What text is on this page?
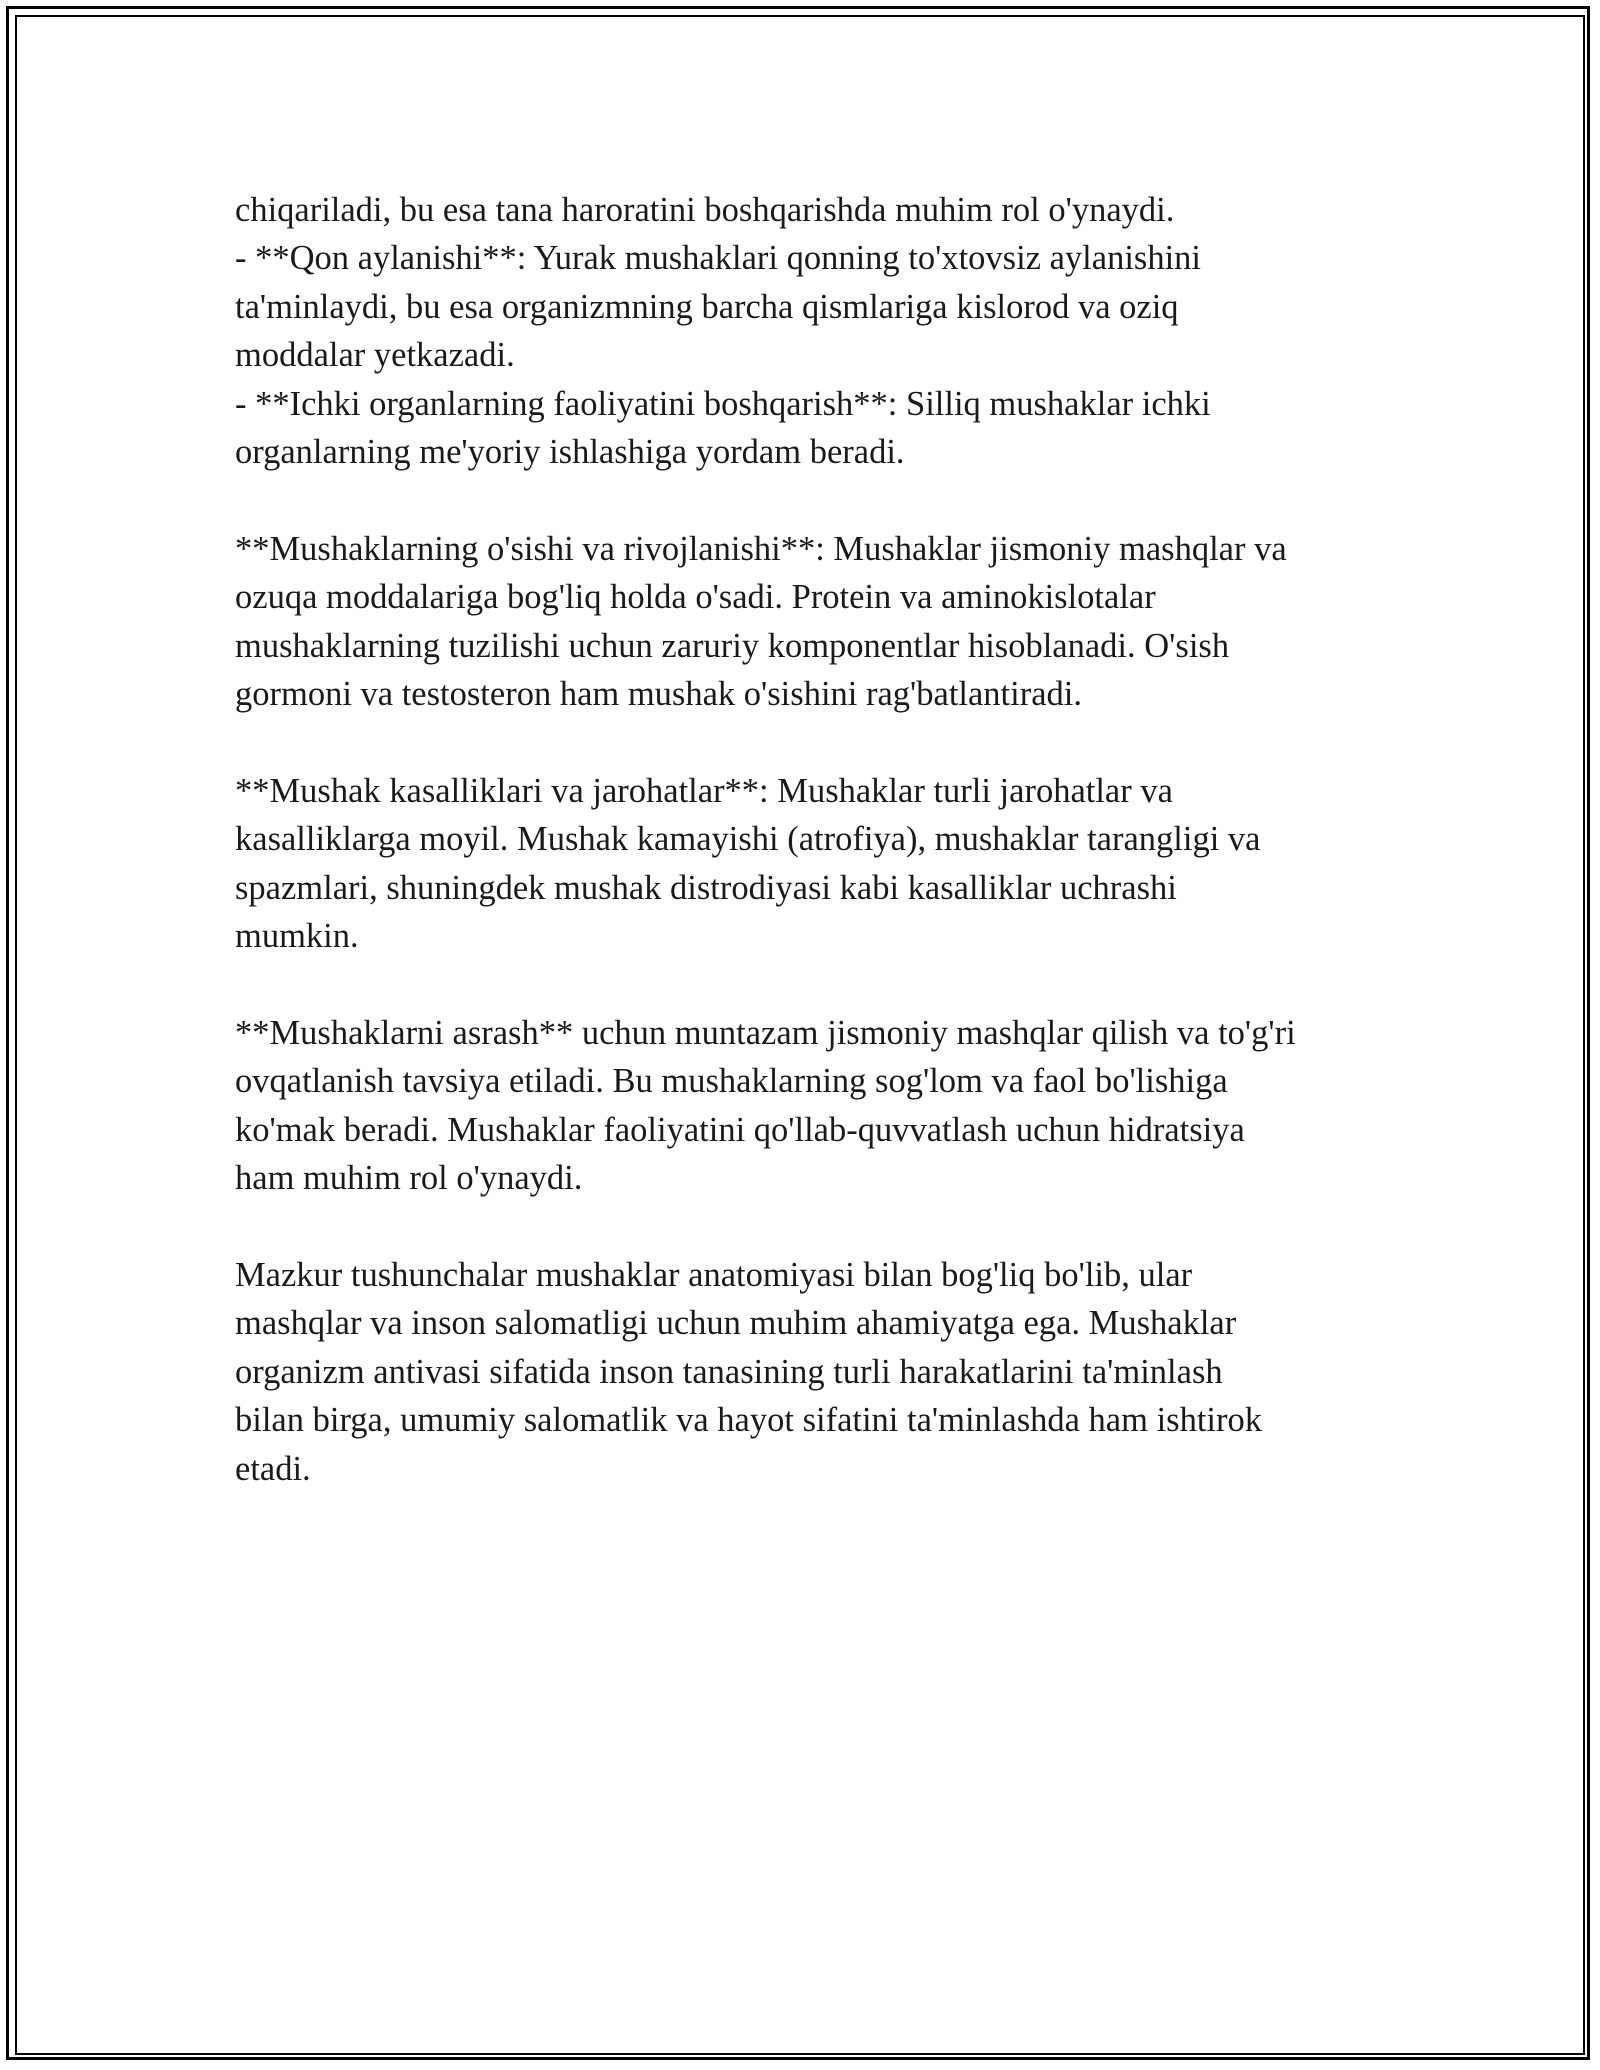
chiqariladi, bu esa tana haroratini boshqarishda muhim rol o'ynaydi.
- **Qon aylanishi**: Yurak mushaklari qonning to'xtovsiz aylanishini
ta'minlaydi, bu esa organizmning barcha qismlariga kislorod va oziq
moddalar yetkazadi.
- **Ichki organlarning faoliyatini boshqarish**: Silliq mushaklar ichki
organlarning me'yoriy ishlashiga yordam beradi.
**Mushaklarning o'sishi va rivojlanishi**: Mushaklar jismoniy mashqlar va
ozuqa moddalariga bog'liq holda o'sadi. Protein va aminokislotalar
mushaklarning tuzilishi uchun zaruriy komponentlar hisoblanadi. O'sish
gormoni va testosteron ham mushak o'sishini rag'batlantiradi.
**Mushak kasalliklari va jarohatlar**: Mushaklar turli jarohatlar va
kasalliklarga moyil. Mushak kamayishi (atrofiya), mushaklar tarangligi va
spazmlari, shuningdek mushak distrodiyasi kabi kasalliklar uchrashi
mumkin.
**Mushaklarni asrash** uchun muntazam jismoniy mashqlar qilish va to'g'ri
ovqatlanish tavsiya etiladi. Bu mushaklarning sog'lom va faol bo'lishiga
ko'mak beradi. Mushaklar faoliyatini qo'llab-quvvatlash uchun hidratsiya
ham muhim rol o'ynaydi.
Mazkur tushunchalar mushaklar anatomiyasi bilan bog'liq bo'lib, ular
mashqlar va inson salomatligi uchun muhim ahamiyatga ega. Mushaklar
organizm antivasi sifatida inson tanasining turli harakatlarini ta'minlash
bilan birga, umumiy salomatlik va hayot sifatini ta'minlashda ham ishtirok
etadi.
